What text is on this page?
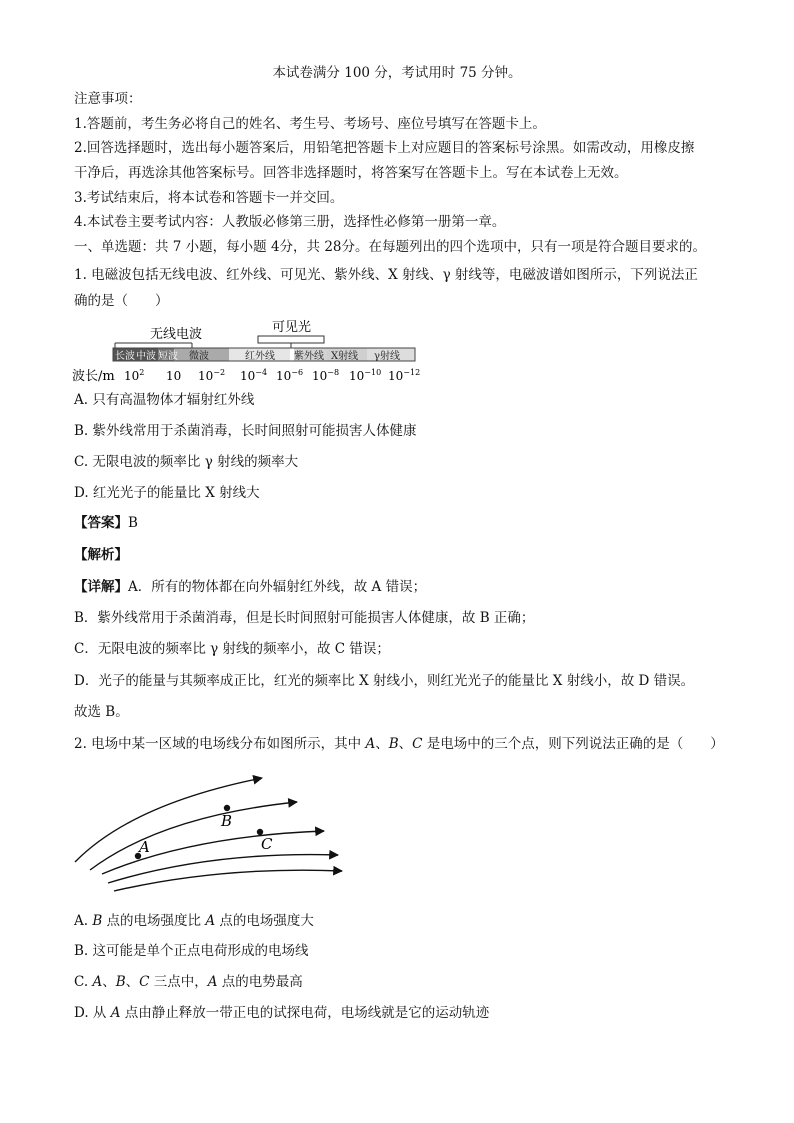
本试卷满分 100 分，考试用时 75 分钟。
注意事项：
1.答题前，考生务必将自己的姓名、考生号、考场号、座位号填写在答题卡上。
2.回答选择题时，选出每小题答案后，用铅笔把答题卡上对应题目的答案标号涂黑。如需改动，用橡皮擦
干净后，再选涂其他答案标号。回答非选择题时，将答案写在答题卡上。写在本试卷上无效。
3.考试结束后，将本试卷和答题卡一并交回。
4.本试卷主要考试内容：人教版必修第三册，选择性必修第一册第一章。
一、单选题：共 7 小题，每小题 4分，共 28分。在每题列出的四个选项中，只有一项是符合题目要求的。
1. 电磁波包括无线电波、红外线、可见光、紫外线、X 射线、γ 射线等，电磁波谱如图所示，下列说法正
确的是（　　）
无线电波	可见光
长波 中波 短波 微波	红外线 紫外线 X射线 γ射线
波长/m $10^2$ 10 $10^{-2}$ $10^{-4}$ $10^{-6}$ $10^{-8}$ $10^{-10}$ $10^{-12}$
A. 只有高温物体才辐射红外线
B. 紫外线常用于杀菌消毒，长时间照射可能损害人体健康
C. 无限电波的频率比 γ 射线的频率大
D. 红光光子的能量比 X 射线大
【答案】B
【解析】
【详解】A．所有的物体都在向外辐射红外线，故 A 错误；
B．紫外线常用于杀菌消毒，但是长时间照射可能损害人体健康，故 B 正确；
C．无限电波的频率比 γ 射线的频率小，故 C 错误；
D．光子的能量与其频率成正比，红光的频率比 X 射线小，则红光光子的能量比 X 射线小，故 D 错误。
故选 B。
2. 电场中某一区域的电场线分布如图所示，其中 A、B、C 是电场中的三个点，则下列说法正确的是（　　）
B
C
A
A. B 点的电场强度比 A 点的电场强度大
B. 这可能是单个正点电荷形成的电场线
C. A、B、C 三点中，A 点的电势最高
D. 从 A 点由静止释放一带正电的试探电荷，电场线就是它的运动轨迹
